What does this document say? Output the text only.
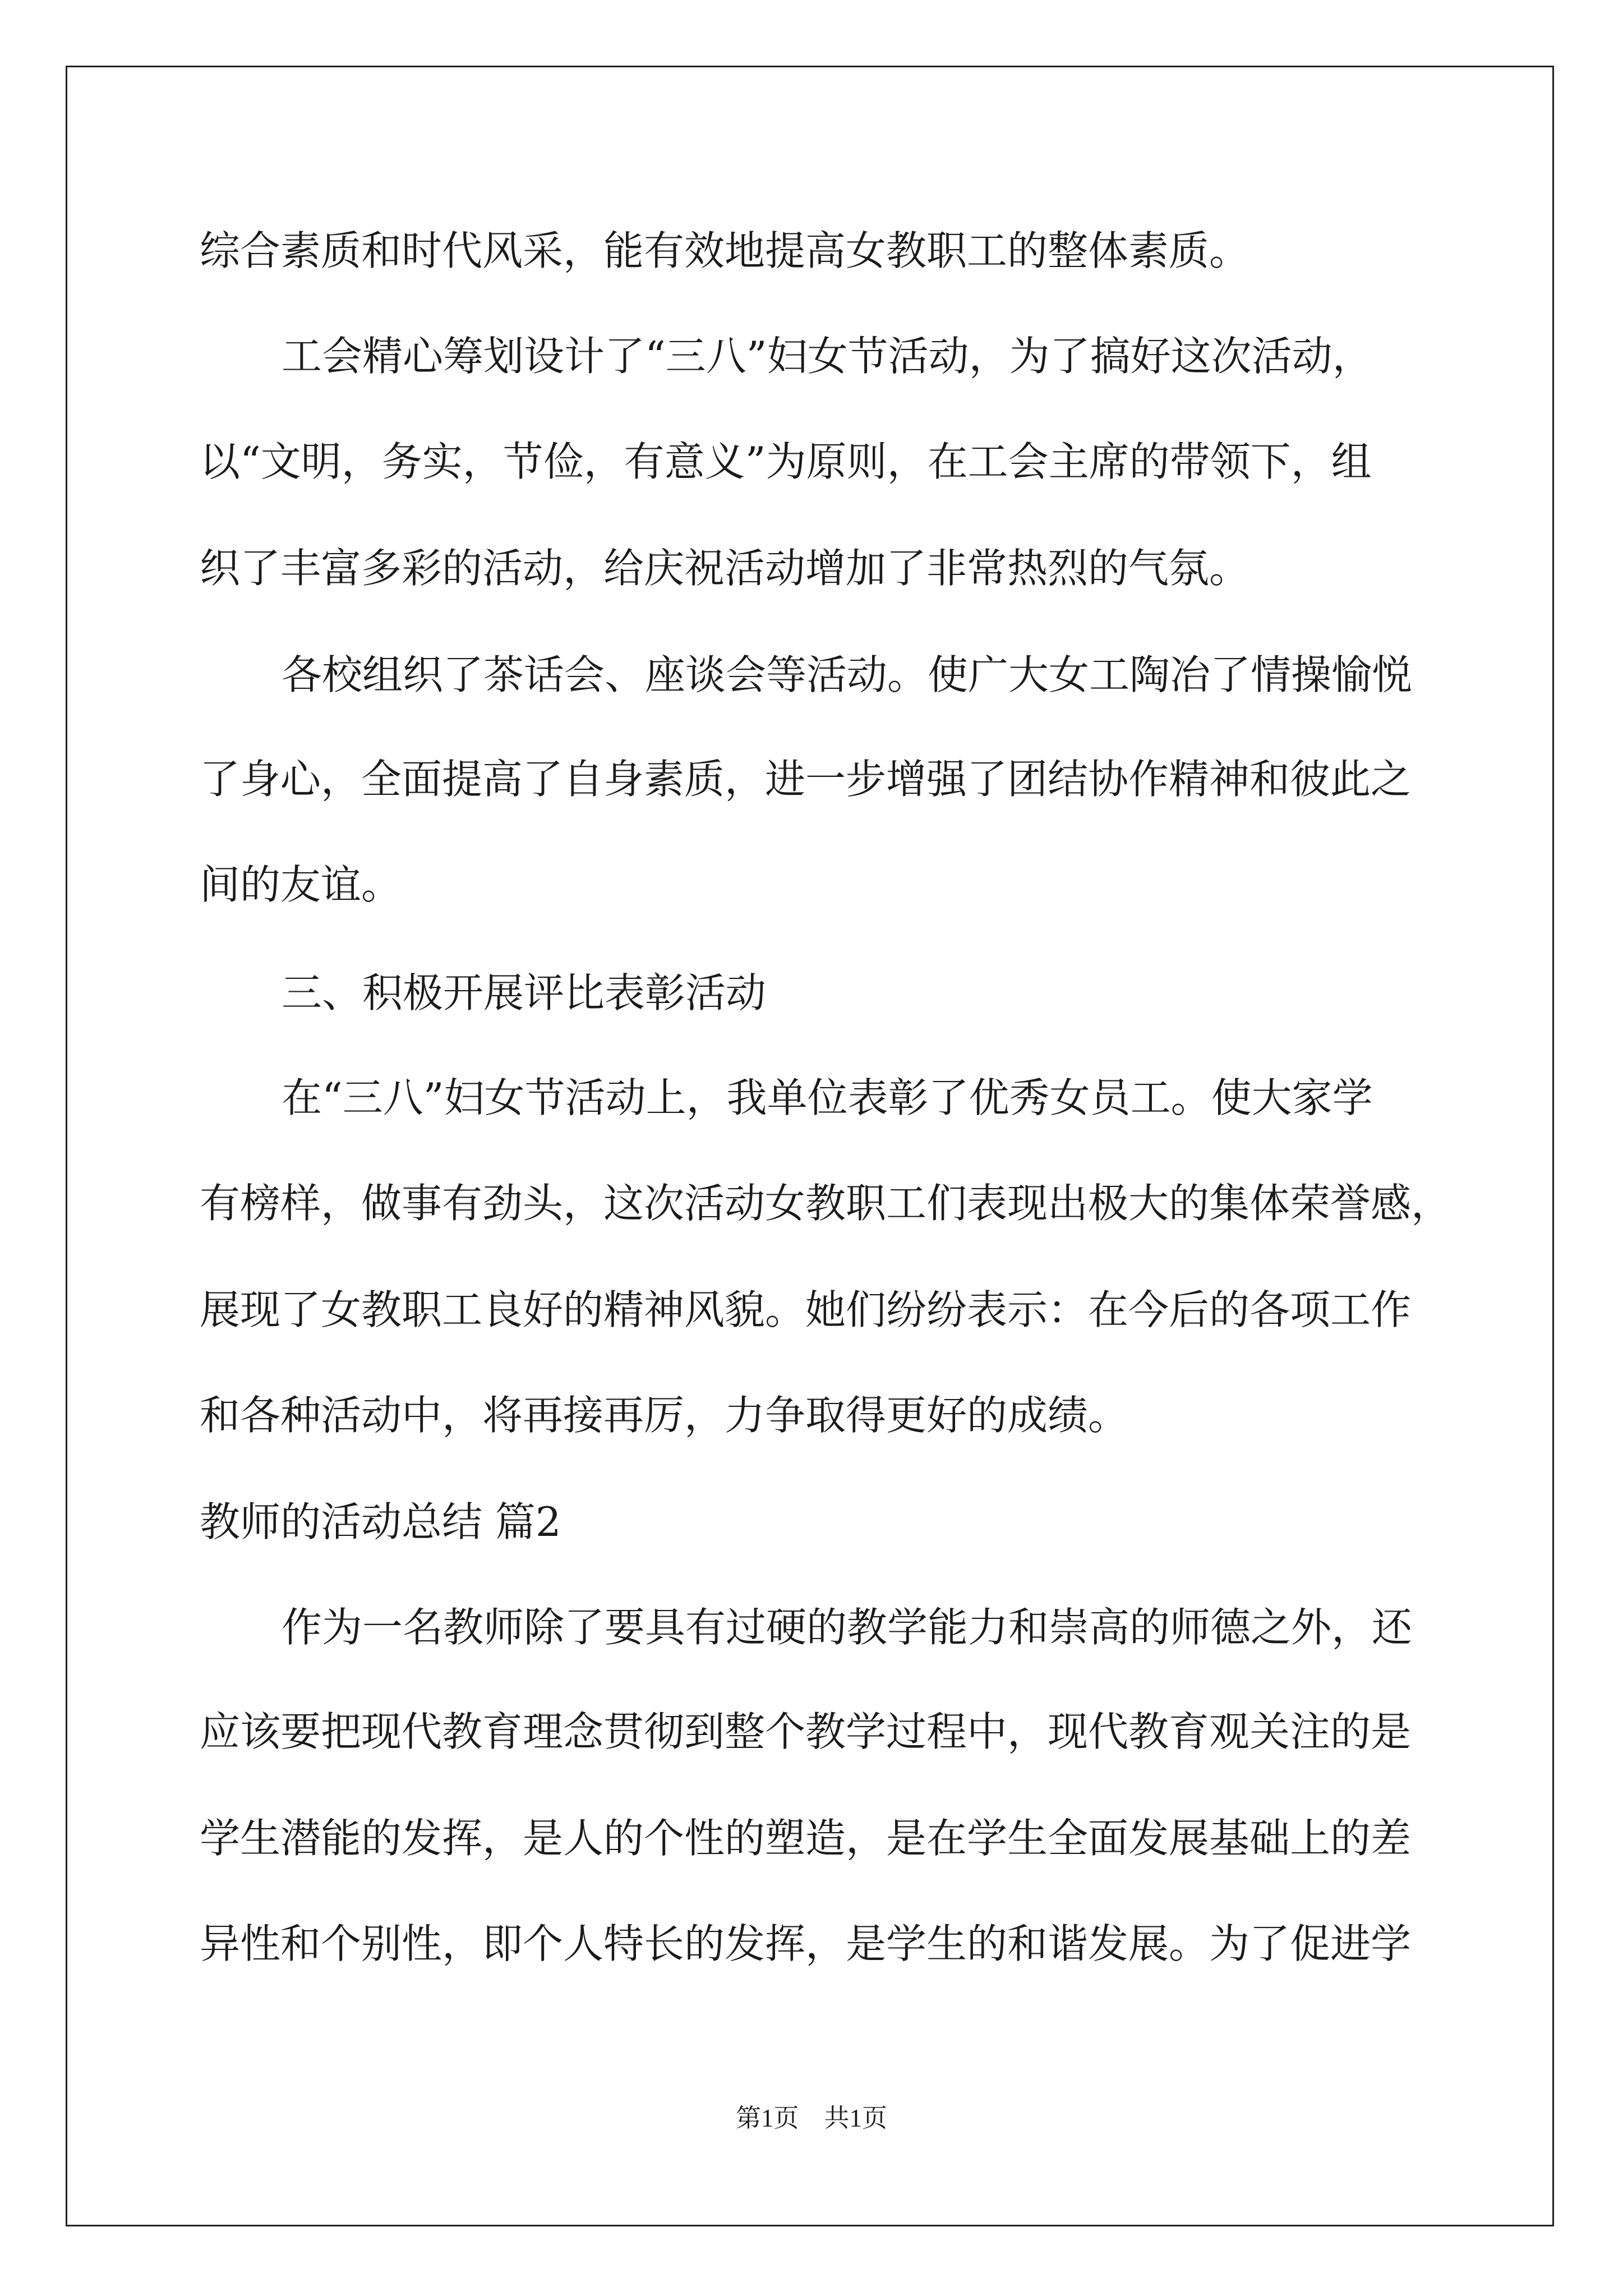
综合素质和时代风采，能有效地提高女教职工的整体素质。

工会精心筹划设计了“三八”妇女节活动，为了搞好这次活动，

以“文明，务实，节俭，有意义”为原则，在工会主席的带领下，组

织了丰富多彩的活动，给庆祝活动增加了非常热烈的气氛。

各校组织了茶话会、座谈会等活动。使广大女工陶冶了情操愉悦

了身心，全面提高了自身素质，进一步增强了团结协作精神和彼此之

间的友谊。

三、积极开展评比表彰活动

在“三八”妇女节活动上，我单位表彰了优秀女员工。使大家学

有榜样，做事有劲头，这次活动女教职工们表现出极大的集体荣誉感，

展现了女教职工良好的精神风貌。她们纷纷表示：在今后的各项工作

和各种活动中，将再接再厉，力争取得更好的成绩。

教师的活动总结 篇2

作为一名教师除了要具有过硬的教学能力和崇高的师德之外，还

应该要把现代教育理念贯彻到整个教学过程中，现代教育观关注的是

学生潜能的发挥，是人的个性的塑造，是在学生全面发展基础上的差

异性和个别性，即个人特长的发挥，是学生的和谐发展。为了促进学

第1页　共1页
